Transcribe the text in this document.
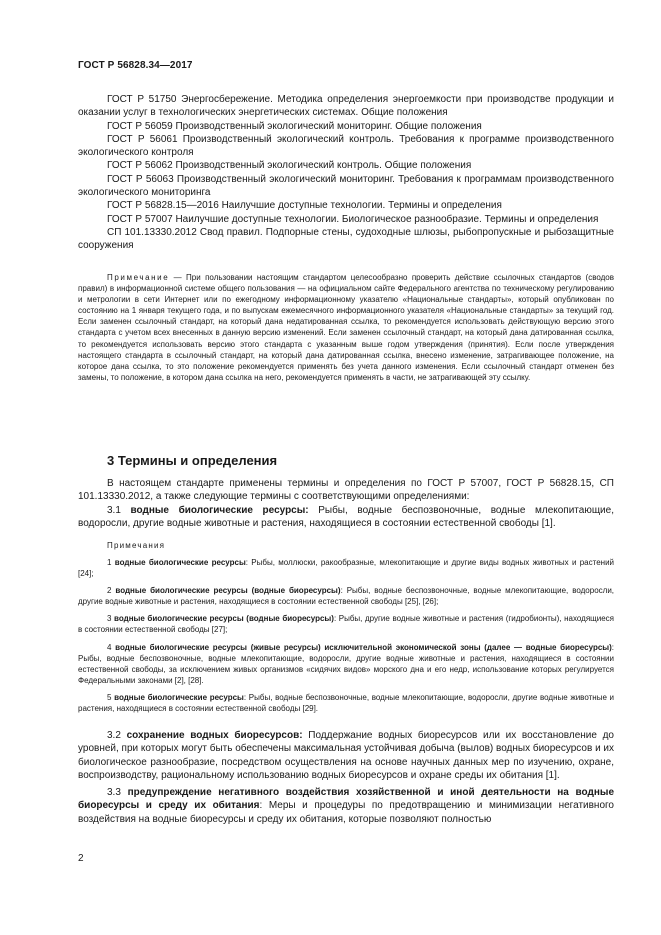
ГОСТ Р 56828.34—2017

ГОСТ Р 51750 Энергосбережение. Методика определения энергоемкости при производстве продукции и оказании услуг в технологических энергетических системах. Общие положения

ГОСТ Р 56059 Производственный экологический мониторинг. Общие положения

ГОСТ Р 56061 Производственный экологический контроль. Требования к программе производственного экологического контроля

ГОСТ Р 56062 Производственный экологический контроль. Общие положения

ГОСТ Р 56063 Производственный экологический мониторинг. Требования к программам производственного экологического мониторинга

ГОСТ Р 56828.15—2016 Наилучшие доступные технологии. Термины и определения

ГОСТ Р 57007 Наилучшие доступные технологии. Биологическое разнообразие. Термины и определения

СП 101.13330.2012 Свод правил. Подпорные стены, судоходные шлюзы, рыбопропускные и рыбозащитные сооружения

Примечание — При пользовании настоящим стандартом целесообразно проверить действие ссылочных стандартов (сводов правил) в информационной системе общего пользования — на официальном сайте Федерального агентства по техническому регулированию и метрологии в сети Интернет или по ежегодному информационному указателю «Национальные стандарты», который опубликован по состоянию на 1 января текущего года, и по выпускам ежемесячного информационного указателя «Национальные стандарты» за текущий год. Если заменен ссылочный стандарт, на который дана недатированная ссылка, то рекомендуется использовать действующую версию этого стандарта с учетом всех внесенных в данную версию изменений. Если заменен ссылочный стандарт, на который дана датированная ссылка, то рекомендуется использовать версию этого стандарта с указанным выше годом утверждения (принятия). Если после утверждения настоящего стандарта в ссылочный стандарт, на который дана датированная ссылка, внесено изменение, затрагивающее положение, на которое дана ссылка, то это положение рекомендуется применять без учета данного изменения. Если ссылочный стандарт отменен без замены, то положение, в котором дана ссылка на него, рекомендуется применять в части, не затрагивающей эту ссылку.

3 Термины и определения

В настоящем стандарте применены термины и определения по ГОСТ Р 57007, ГОСТ Р 56828.15, СП 101.13330.2012, а также следующие термины с соответствующими определениями:

3.1 водные биологические ресурсы: Рыбы, водные беспозвоночные, водные млекопитающие, водоросли, другие водные животные и растения, находящиеся в состоянии естественной свободы [1].

Примечания

1 водные биологические ресурсы: Рыбы, моллюски, ракообразные, млекопитающие и другие виды водных животных и растений [24];

2 водные биологические ресурсы (водные биоресурсы): Рыбы, водные беспозвоночные, водные млекопитающие, водоросли, другие водные животные и растения, находящиеся в состоянии естественной свободы [25], [26];

3 водные биологические ресурсы (водные биоресурсы): Рыбы, другие водные животные и растения (гидробионты), находящиеся в состоянии естественной свободы [27];

4 водные биологические ресурсы (живые ресурсы) исключительной экономической зоны (далее — водные биоресурсы): Рыбы, водные беспозвоночные, водные млекопитающие, водоросли, другие водные животные и растения, находящиеся в состоянии естественной свободы, за исключением живых организмов «сидячих видов» морского дна и его недр, использование которых регулируется Федеральными законами [2], [28].

5 водные биологические ресурсы: Рыбы, водные беспозвоночные, водные млекопитающие, водоросли, другие водные животные и растения, находящиеся в состоянии естественной свободы [29].

3.2 сохранение водных биоресурсов: Поддержание водных биоресурсов или их восстановление до уровней, при которых могут быть обеспечены максимальная устойчивая добыча (вылов) водных биоресурсов и их биологическое разнообразие, посредством осуществления на основе научных данных мер по изучению, охране, воспроизводству, рациональному использованию водных биоресурсов и охране среды их обитания [1].

3.3 предупреждение негативного воздействия хозяйственной и иной деятельности на водные биоресурсы и среду их обитания: Меры и процедуры по предотвращению и минимизации негативного воздействия на водные биоресурсы и среду их обитания, которые позволяют полностью

2
